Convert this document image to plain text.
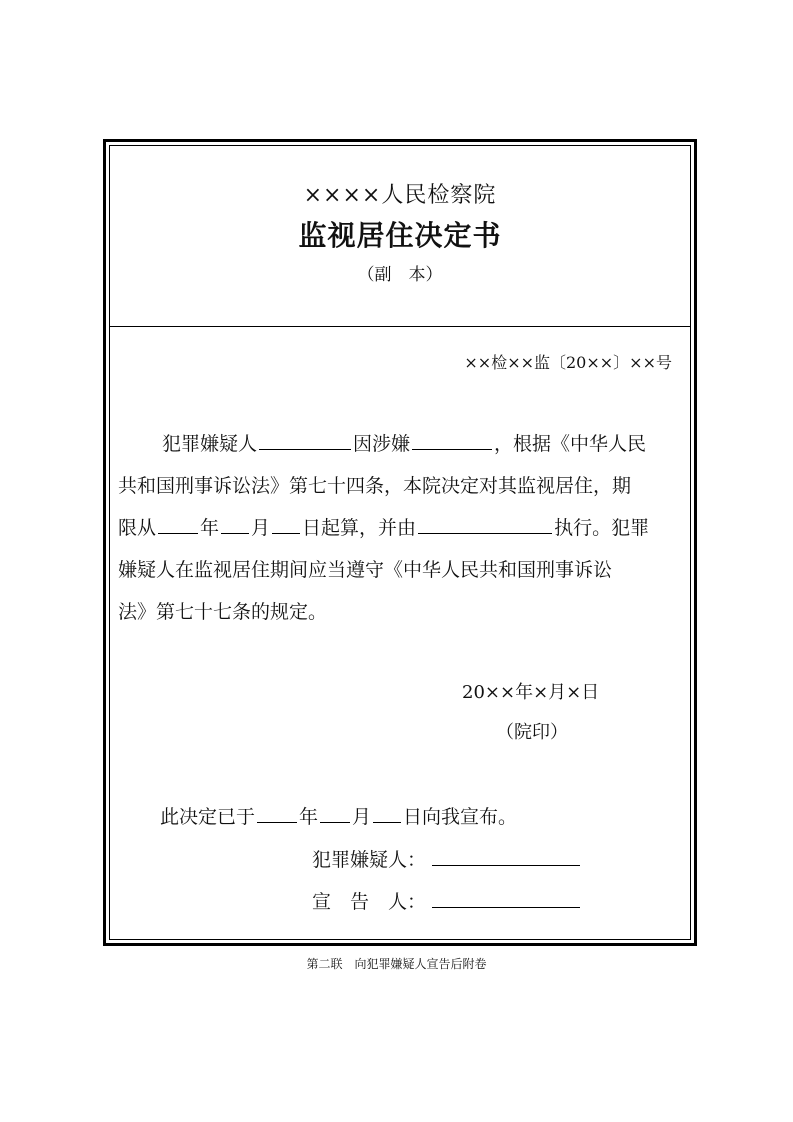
××××人民检察院
监视居住决定书
（副　本）
××检××监〔20××〕××号
犯罪嫌疑人	因涉嫌	，根据《中华人民
共和国刑事诉讼法》第七十四条，本院决定对其监视居住，期
限从 年 月 日起算，并由	执行。犯罪
嫌疑人在监视居住期间应当遵守《中华人民共和国刑事诉讼
法》第七十七条的规定。
20××年×月×日
（院印）
此决定已于 年 月 日向我宣布。
犯罪嫌疑人：
宣　告　人：
第二联　向犯罪嫌疑人宣告后附卷
